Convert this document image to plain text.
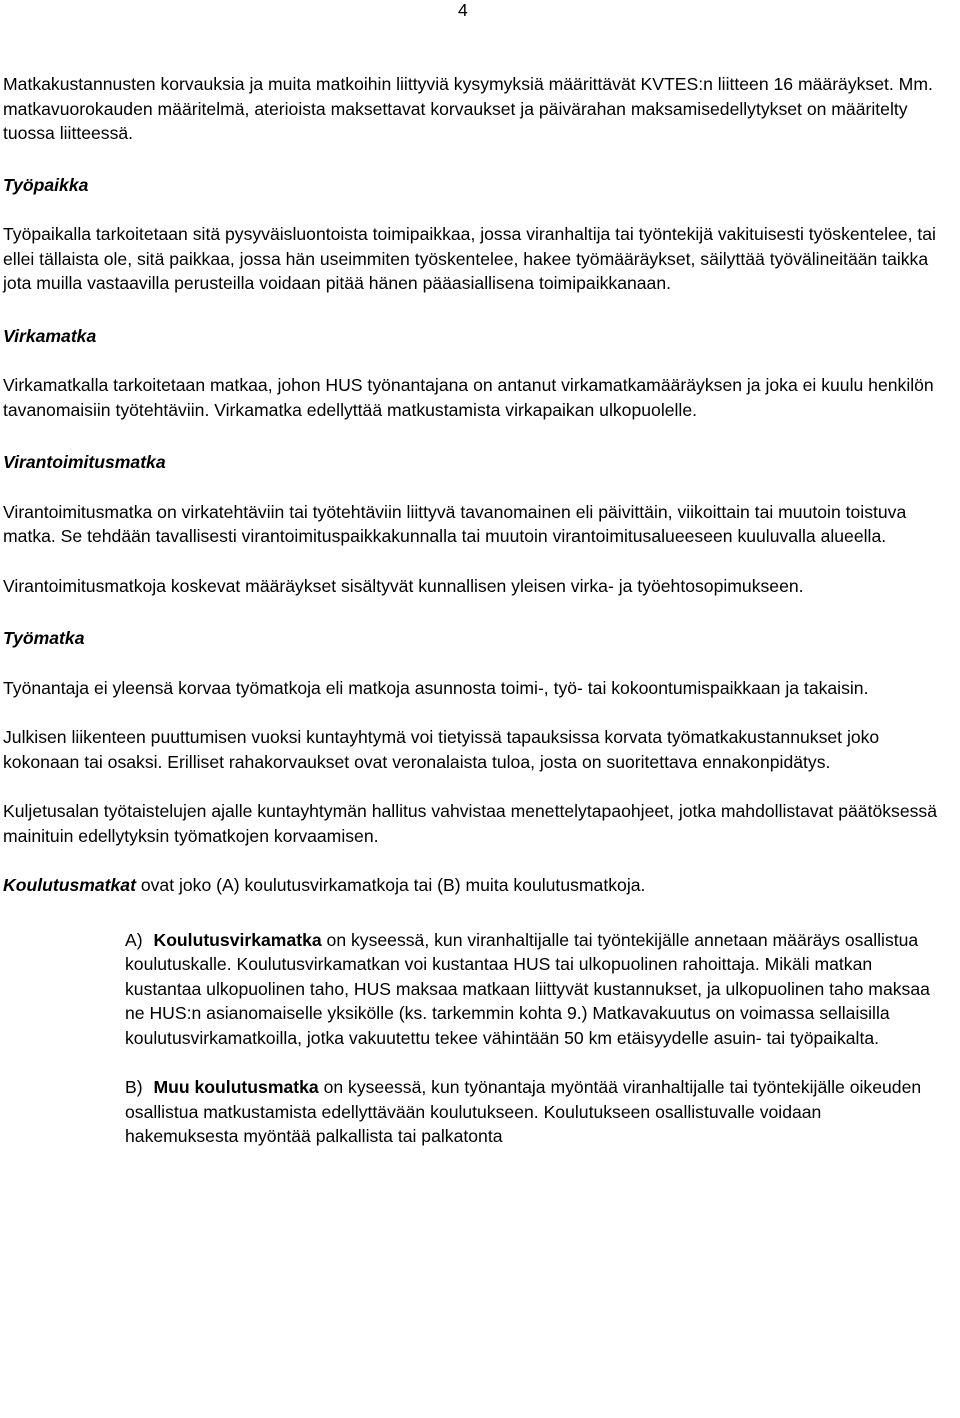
4

Matkakustannusten korvauksia ja muita matkoihin liittyviä kysymyksiä määrittävät KVTES:n liitteen 16 määräykset. Mm. matkavuorokauden määritelmä, aterioista maksettavat korvaukset ja päivärahan maksamisedellytykset on määritelty tuossa liitteessä.

Työpaikka

Työpaikalla tarkoitetaan sitä pysyväisluontoista toimipaikkaa, jossa viranhaltija tai työntekijä vakituisesti työskentelee, tai ellei tällaista ole, sitä paikkaa, jossa hän useimmiten työskentelee, hakee työmääräykset, säilyttää työvälineitään taikka jota muilla vastaavilla perusteilla voidaan pitää hänen pääasiallisena toimipaikkanaan.

Virkamatka

Virkamatkalla tarkoitetaan matkaa, johon HUS työnantajana on antanut virkamatkamääräyksen ja joka ei kuulu henkilön tavanomaisiin työtehtäviin. Virkamatka edellyttää matkustamista virkapaikan ulkopuolelle.

Virantoimitusmatka

Virantoimitusmatka on virkatehtäviin tai työtehtäviin liittyvä tavanomainen eli päivittäin, viikoittain tai muutoin toistuva matka. Se tehdään tavallisesti virantoimituspaikkakunnalla tai muutoin virantoimitusalueeseen kuuluvalla alueella.

Virantoimitusmatkoja koskevat määräykset sisältyvät kunnallisen yleisen virka- ja työehtosopimukseen.

Työmatka

Työnantaja ei yleensä korvaa työmatkoja eli matkoja asunnosta toimi-, työ- tai kokoontumispaikkaan ja takaisin.

Julkisen liikenteen puuttumisen vuoksi kuntayhtymä voi tietyissä tapauksissa korvata työmatkakustannukset joko kokonaan tai osaksi. Erilliset rahakorvaukset ovat veronalaista tuloa, josta on suoritettava ennakonpidätys.

Kuljetusalan työtaistelujen ajalle kuntayhtymän hallitus vahvistaa menettelytapaohjeet, jotka mahdollistavat päätöksessä mainituin edellytyksin työmatkojen korvaamisen.

Koulutusmatkat ovat joko (A) koulutusvirkamatkoja tai (B) muita koulutusmatkoja.

A) Koulutusvirkamatka on kyseessä, kun viranhaltijalle tai työntekijälle annetaan määräys osallistua koulutuskalle. Koulutusvirkamatkan voi kustantaa HUS tai ulkopuolinen rahoittaja. Mikäli matkan kustantaa ulkopuolinen taho, HUS maksaa matkaan liittyvät kustannukset, ja ulkopuolinen taho maksaa ne HUS:n asianomaiselle yksikölle (ks. tarkemmin kohta 9.) Matkavakuutus on voimassa sellaisilla koulutusvirkamatkoilla, jotka vakuutettu tekee vähintään 50 km etäisyydelle asuin- tai työpaikalta.

B) Muu koulutusmatka on kyseessä, kun työnantaja myöntää viranhaltijalle tai työntekijälle oikeuden osallistua matkustamista edellyttävään koulutukseen. Koulutukseen osallistuvalle voidaan hakemuksesta myöntää palkallista tai palkatonta
